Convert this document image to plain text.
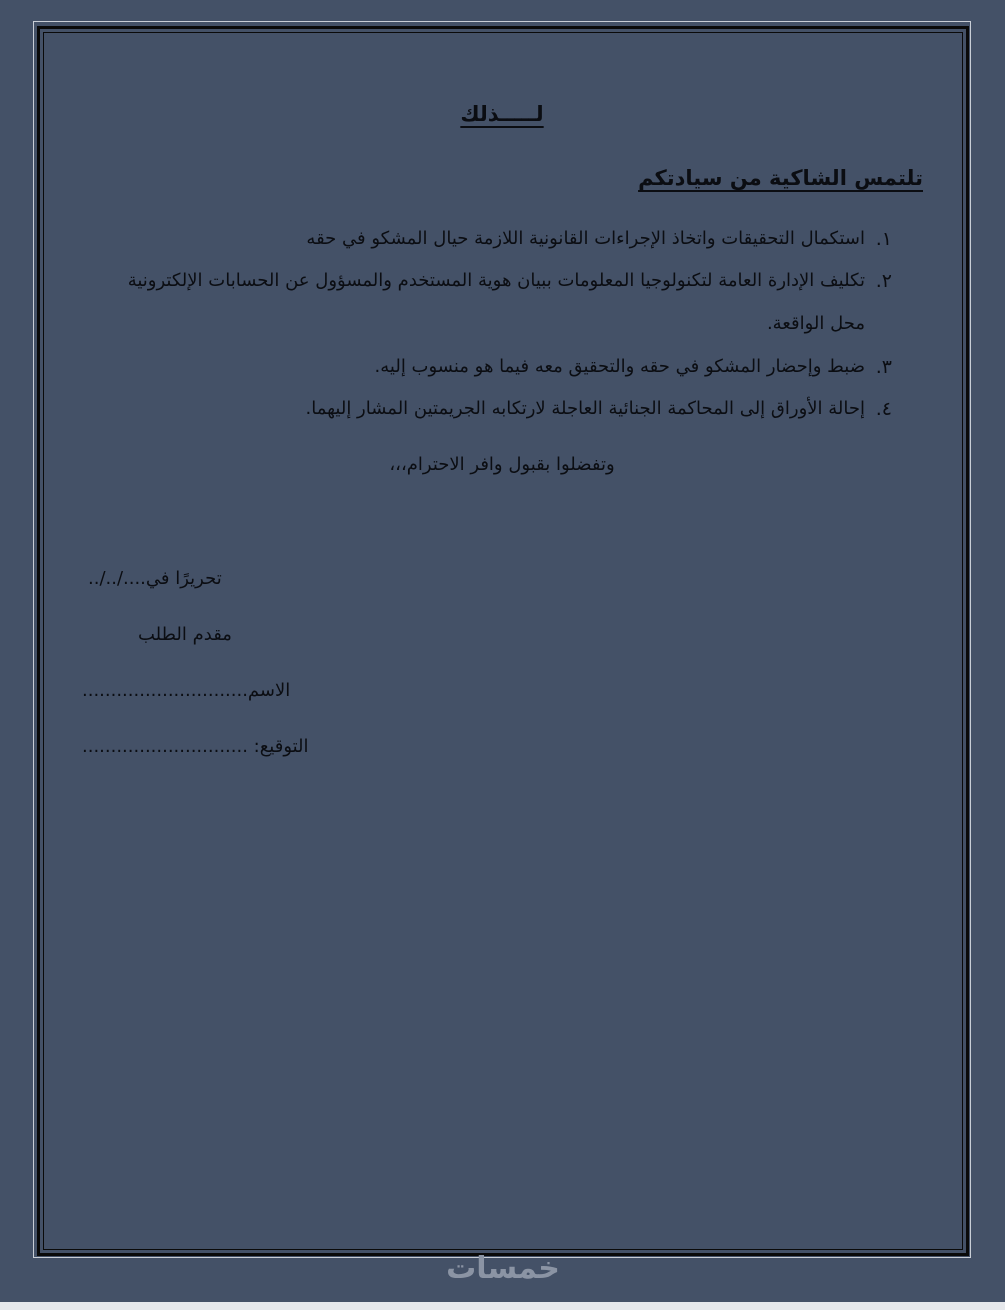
لـــــذلك
تلتمس الشاكية من سيادتكم
١.
استكمال التحقيقات واتخاذ الإجراءات القانونية اللازمة حيال المشكو في حقه
٢.
تكليف الإدارة العامة لتكنولوجيا المعلومات ببيان هوية المستخدم والمسؤول عن الحسابات الإلكترونية
محل الواقعة.
٣.
ضبط وإحضار المشكو في حقه والتحقيق معه فيما هو منسوب إليه.
٤.
إحالة الأوراق إلى المحاكمة الجنائية العاجلة لارتكابه الجريمتين المشار إليهما.
وتفضلوا بقبول وافر الاحترام،،،
تحريرًا في..../../..
مقدم الطلب
الاسم.............................
التوقيع: .............................
خمسات
